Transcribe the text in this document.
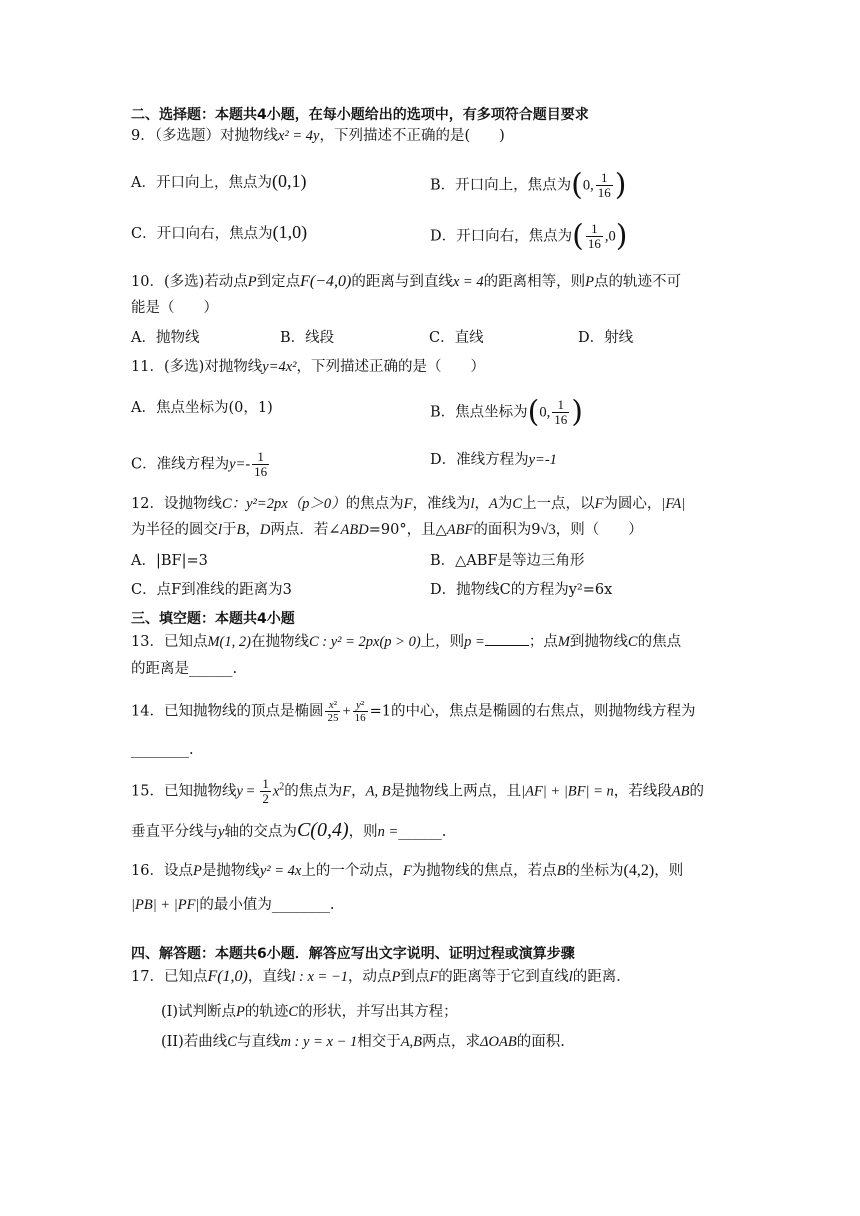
二、选择题：本题共4小题，在每小题给出的选项中，有多项符合题目要求
9．（多选题）对抛物线x² = 4y，下列描述不正确的是(　　)
A．开口向上，焦点为(0,1)	B．开口向上，焦点为(0, $\frac{1}{16}$ )
C．开口向右，焦点为(1,0)	D．开口向右，焦点为( $\frac{1}{16} ,0$)
10．(多选)若动点P到定点F(−4,0)的距离与到直线x = 4的距离相等，则P点的轨迹不可
能是（　　）
A．抛物线	B．线段	C．直线	D．射线
11．(多选)对抛物线y=4x²，下列描述正确的是（　　）
A．焦点坐标为(0，1)	B．焦点坐标为(0, $\frac{1}{16}$ )
C．准线方程为$y=- \frac{1}{16}$	D．准线方程为y=-1
12．设抛物线C：y²=2px（p＞0）的焦点为F，准线为l，A为C上一点，以F为圆心，|FA|
为半径的圆交l于B，D两点．若∠ABD=90°，且△ABF的面积为9√3，则（　　）
A．|BF|=3	B．△ABF是等边三角形
C．点F到准线的距离为3	D．抛物线C的方程为y²=6x
三、填空题：本题共4小题
13．已知点M(1, 2)在抛物线C : y² = 2px(p > 0)上，则p =	；点M到抛物线C的焦点
的距离是______.
14．已知抛物线的顶点是椭圆 $\frac{\text{x²}}{25} + \frac{\text{y²}}{16} =1$的中心，焦点是椭圆的右焦点，则抛物线方程为
________.
15．已知抛物线$y = \frac{1}{2} x^2$的焦点为F，A, B是抛物线上两点，且|AF| + |BF| = n，若线段AB的
垂直平分线与y轴的交点为C(0,4)，则n =______.
16．设点P是抛物线y² = 4x上的一个动点，F为抛物线的焦点，若点B的坐标为(4,2)，则
|PB| + |PF|的最小值为________.
四、解答题：本题共6小题．解答应写出文字说明、证明过程或演算步骤
17．已知点F(1,0)，直线l : x = −1，动点P到点F的距离等于它到直线l的距离．
(I)试判断点P的轨迹C的形状，并写出其方程；
(II)若曲线C与直线m : y = x − 1相交于A,B两点，求ΔOAB的面积.
